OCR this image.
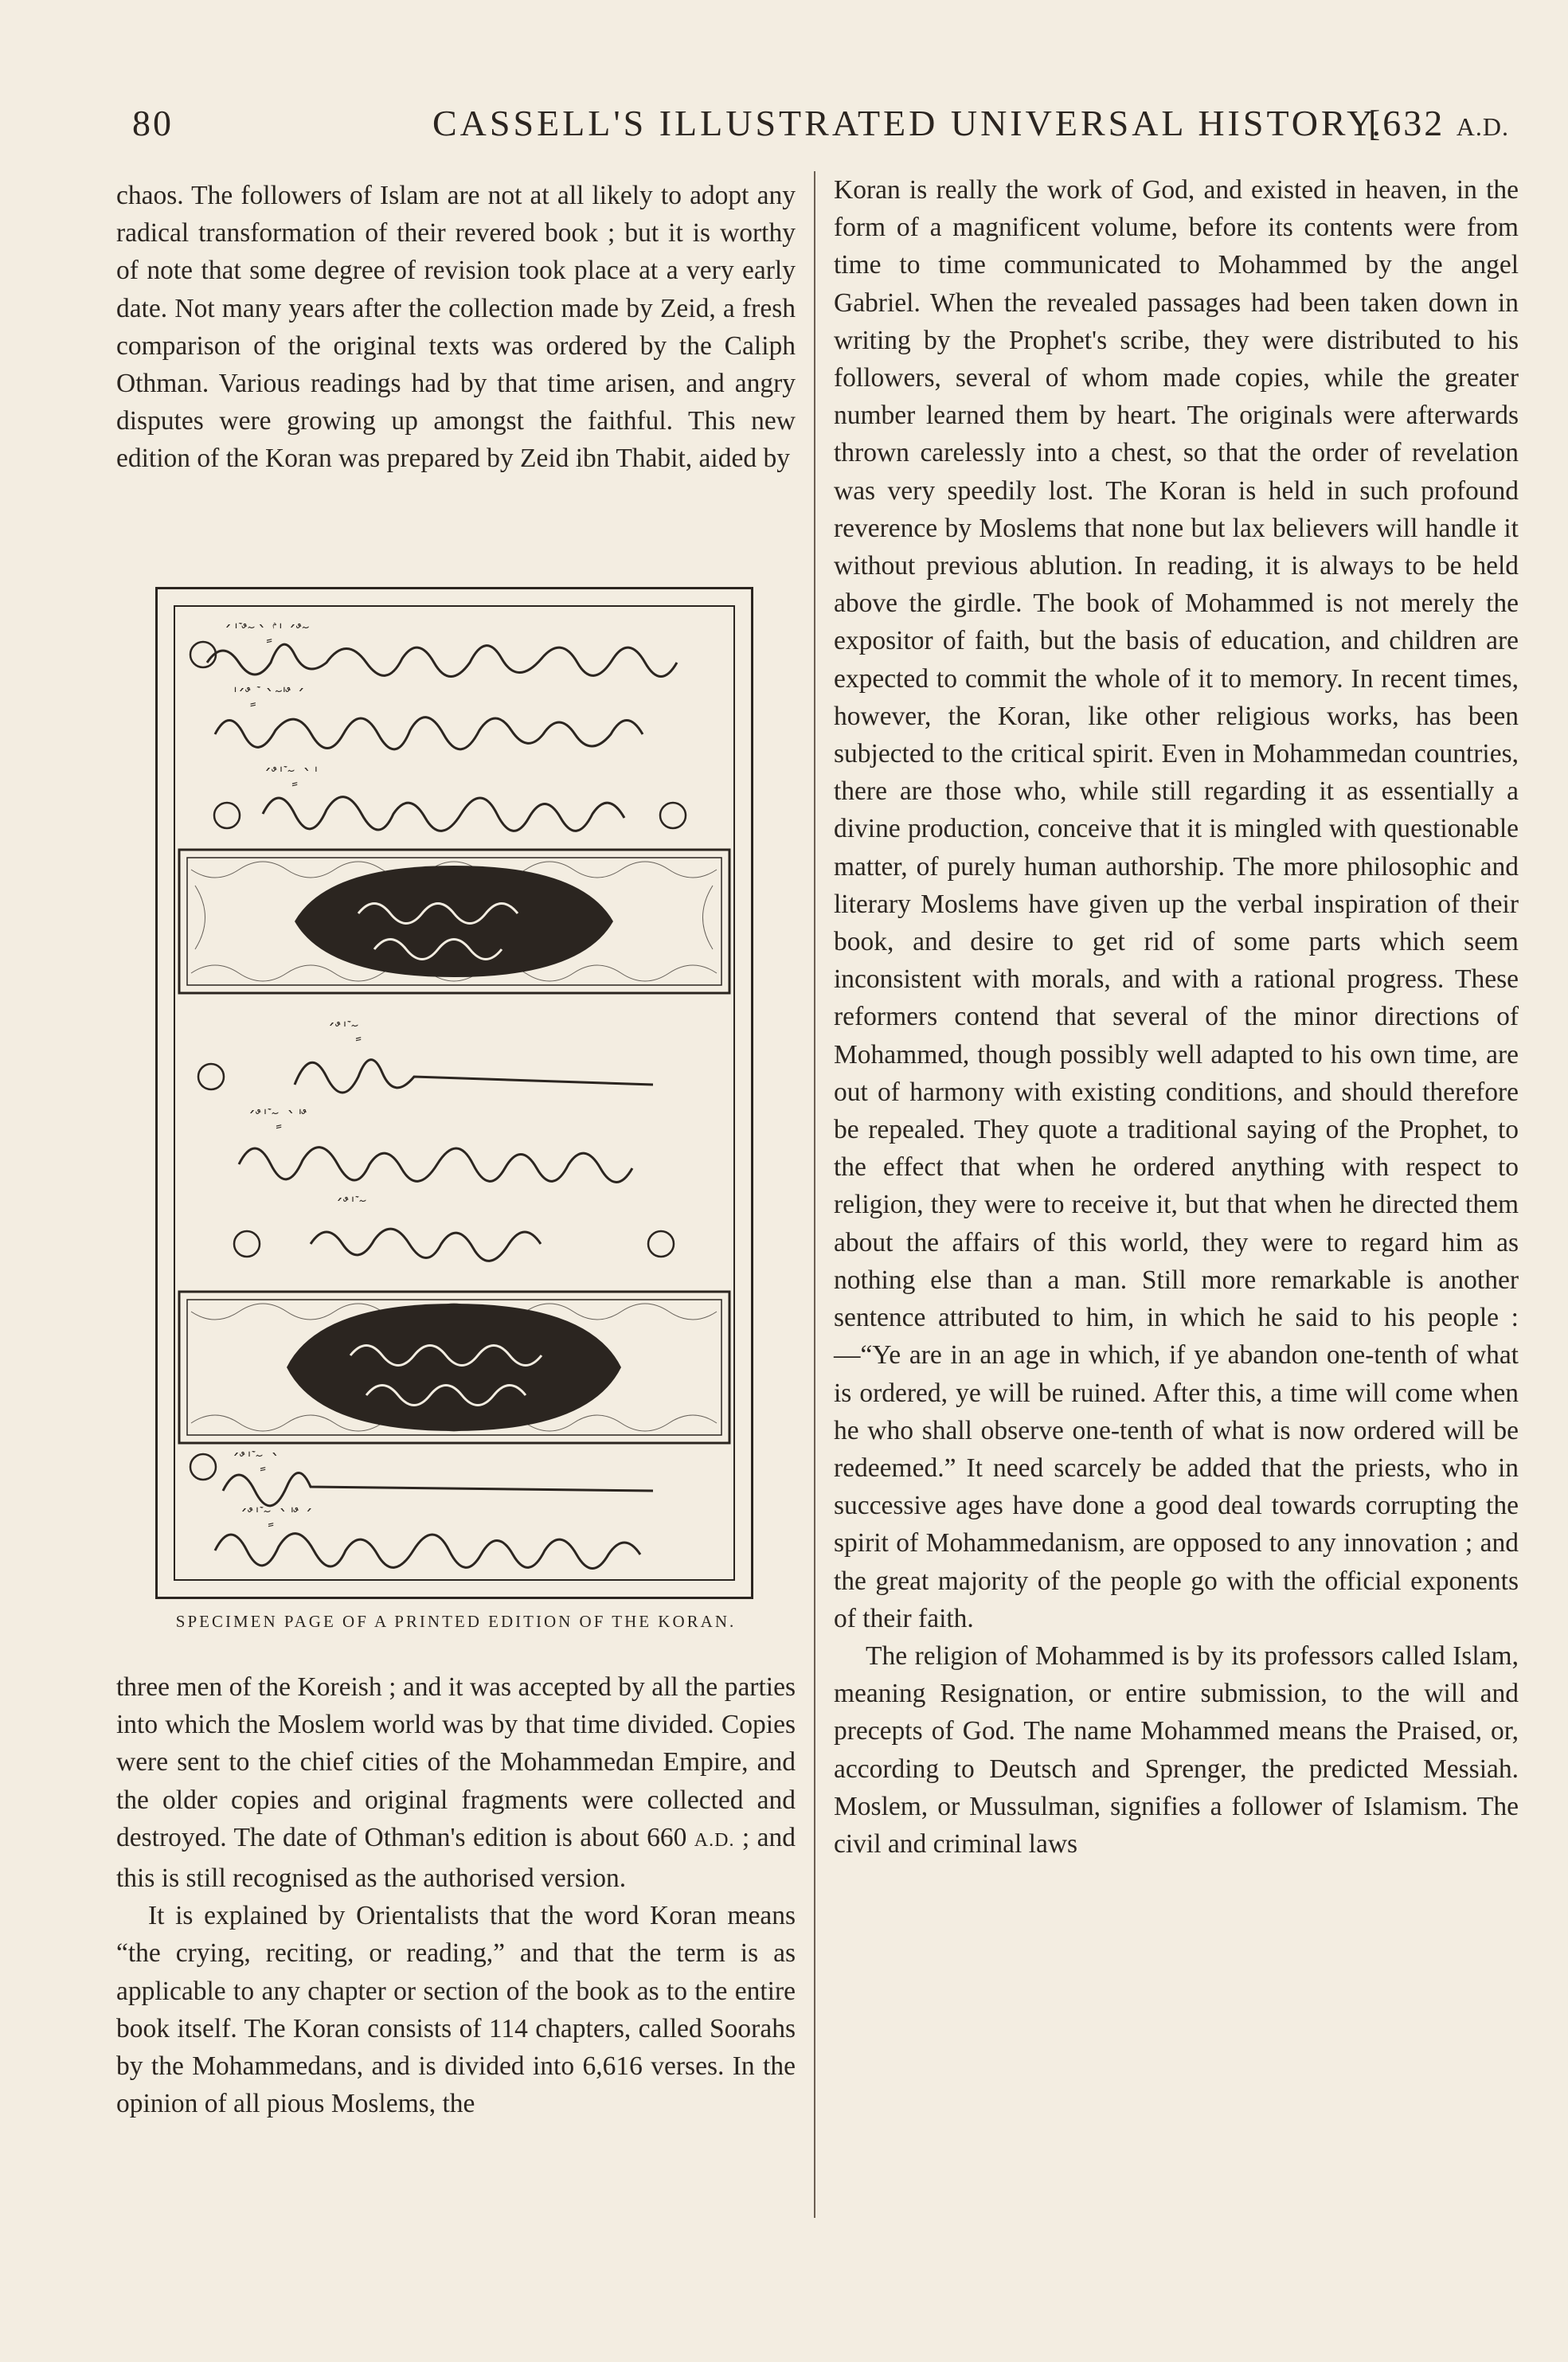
80	CASSELL'S ILLUSTRATED UNIVERSAL HISTORY.
[632 A.D.

chaos. The followers of Islam are not at all likely to adopt any radical transformation of their revered book ; but it is worthy of note that some degree of revision took place at a very early date. Not many years after the collection made by Zeid, a fresh comparison of the original texts was ordered by the Caliph Othman. Various readings had by that time arisen, and angry disputes were growing up amongst the faithful. This new edition of the Koran was prepared by Zeid ibn Thabit, aided by

ˊ ٰ ۡ ٌ ٓ ˋ ٍ ۢ ٰ ˊ ٌ ٓ
ٰ ˊ ٌ ٍ ۡ ˋ ٓ ٰ ٌ ˊ
ˊ ٌ ٰ ۡ ٓ ٍ ˋ ٰ
ˊ ٌ ٰ ۡ ٓ ٍ
ˊ ٌ ٰ ۡ ٓ ٍ ˋ ٰ ٌ
ˊ ٌ ٰ ۡ ٓ
ˊ ٌ ٰ ۡ ٓ ٍ ˋ
ˊ ٌ ٰ ۡ ٓ ٍ ˋ ٰ ٌ ˊ
SPECIMEN PAGE OF A PRINTED EDITION OF THE KORAN.

three men of the Koreish ; and it was accepted by all the parties into which the Moslem world was by that time divided. Copies were sent to the chief cities of the Mohammedan Empire, and the older copies and original fragments were collected and destroyed. The date of Othman's edition is about 660 A.D. ; and this is still recognised as the authorised version.

It is explained by Orientalists that the word Koran means “the crying, reciting, or reading,” and that the term is as applicable to any chapter or section of the book as to the entire book itself. The Koran consists of 114 chapters, called Soorahs by the Mohammedans, and is divided into 6,616 verses. In the opinion of all pious Moslems, the

Koran is really the work of God, and existed in heaven, in the form of a magnificent volume, before its contents were from time to time communicated to Mohammed by the angel Gabriel. When the revealed passages had been taken down in writing by the Prophet's scribe, they were distributed to his followers, several of whom made copies, while the greater number learned them by heart. The originals were afterwards thrown carelessly into a chest, so that the order of revelation was very speedily lost. The Koran is held in such profound reverence by Moslems that none but lax believers will handle it without previous ablution. In reading, it is always to be held above the girdle. The book of Mohammed is not merely the expositor of faith, but the basis of education, and children are expected to commit the whole of it to memory. In recent times, however, the Koran, like other religious works, has been subjected to the critical spirit. Even in Mohammedan countries, there are those who, while still regarding it as essentially a divine production, conceive that it is mingled with questionable matter, of purely human authorship. The more philosophic and literary Moslems have given up the verbal inspiration of their book, and desire to get rid of some parts which seem inconsistent with morals, and with a rational progress. These reformers contend that several of the minor directions of Mohammed, though possibly well adapted to his own time, are out of harmony with existing conditions, and should therefore be repealed. They quote a traditional saying of the Prophet, to the effect that when he ordered anything with respect to religion, they were to receive it, but that when he directed them about the affairs of this world, they were to regard him as nothing else than a man. Still more remarkable is another sentence attributed to him, in which he said to his people :—“Ye are in an age in which, if ye abandon one-tenth of what is ordered, ye will be ruined. After this, a time will come when he who shall observe one-tenth of what is now ordered will be redeemed.” It need scarcely be added that the priests, who in successive ages have done a good deal towards corrupting the spirit of Mohammedanism, are opposed to any innovation ; and the great majority of the people go with the official exponents of their faith.

The religion of Mohammed is by its professors called Islam, meaning Resignation, or entire submission, to the will and precepts of God. The name Mohammed means the Praised, or, according to Deutsch and Sprenger, the predicted Messiah. Moslem, or Mussulman, signifies a follower of Islamism. The civil and criminal laws
